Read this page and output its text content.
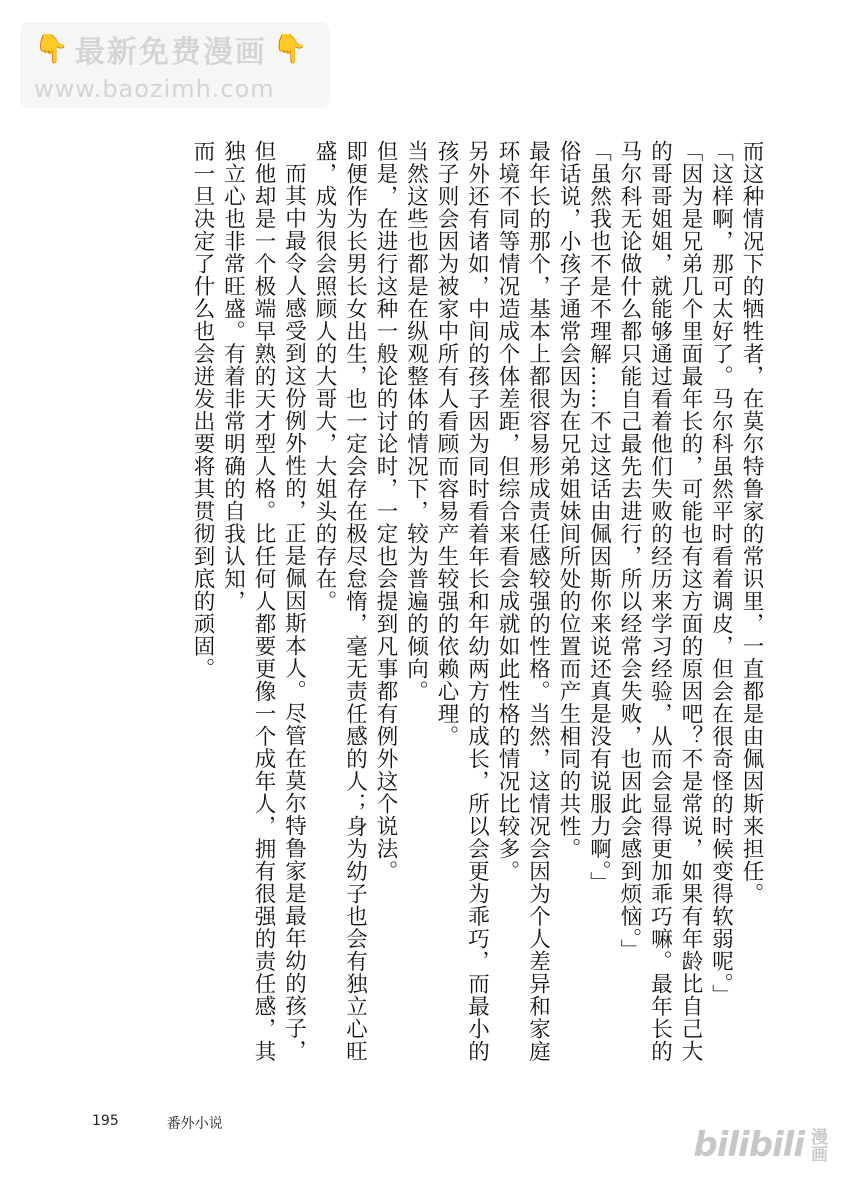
👇 最新免费漫画 👇
www.baozimh.com

而这种情况下的牺牲者，在莫尔特鲁家的常识里，一直都是由佩因斯来担任。

「这样啊，那可太好了。马尔科虽然平时看着调皮，但会在很奇怪的时候变得软弱呢。」

「因为是兄弟几个里面最年长的，可能也有这方面的原因吧？不是常说，如果有年龄比自己大的哥哥姐姐，就能够通过看着他们失败的经历来学习经验，从而会显得更加乖巧嘛。最年长的马尔科无论做什么都只能自己最先去进行，所以经常会失败，也因此会感到烦恼。」

「虽然我也不是不理解……不过这话由佩因斯你来说还真是没有说服力啊。」

俗话说，小孩子通常会因为在兄弟姐妹间所处的位置而产生相同的共性。

最年长的那个，基本上都很容易形成责任感较强的性格。当然，这情况会因为个人差异和家庭环境不同等情况造成个体差距，但综合来看会成就如此性格的情况比较多。

另外还有诸如，中间的孩子因为同时看着年长和年幼两方的成长，所以会更为乖巧，而最小的孩子则会因为被家中所有人看顾而容易产生较强的依赖心理。

当然这些也都是在纵观整体的情况下，较为普遍的倾向。

但是，在进行这种一般论的讨论时，一定也会提到凡事都有例外这个说法。

即便作为长男长女出生，也一定会存在极尽怠惰，毫无责任感的人；身为幼子也会有独立心旺盛，成为很会照顾人的大哥大，大姐头的存在。

而其中最令人感受到这份例外性的，正是佩因斯本人。尽管在莫尔特鲁家是最年幼的孩子，但他却是一个极端早熟的天才型人格。比任何人都要更像一个成年人，拥有很强的责任感，其独立心也非常旺盛。有着非常明确的自我认知，

而一旦决定了什么也会迸发出要将其贯彻到底的顽固。

195	番外小说
bilibili 漫画
